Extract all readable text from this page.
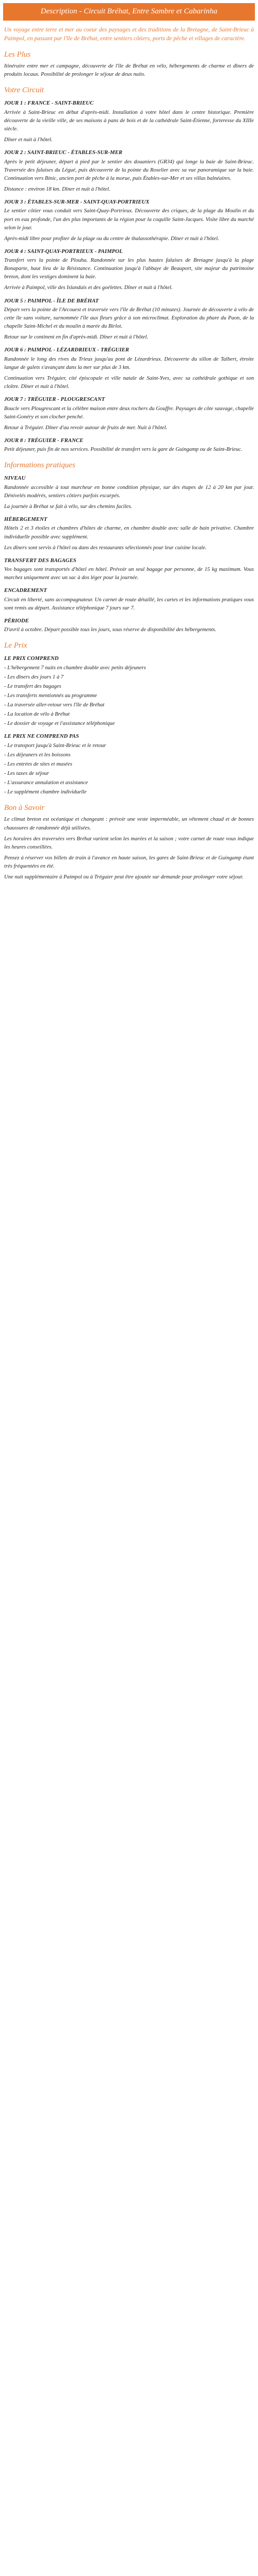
Description - Circuit Bréhat, Entre Sambre et Cabarinha
Un voyage entre terre et mer au coeur des paysages et des traditions de la Bretagne, de Saint-Brieuc à Paimpol, en passant par l'île de Bréhat, entre sentiers côtiers, ports de pêche et villages de caractère.
Les Plus

Itinéraire entre mer et campagne, découverte de l'île de Bréhat en vélo, hébergements de charme et dîners de produits locaux. Possibilité de prolonger le séjour de deux nuits.

Votre Circuit
JOUR 1 : FRANCE - SAINT-BRIEUC

Arrivée à Saint-Brieuc en début d'après-midi. Installation à votre hôtel dans le centre historique. Première découverte de la vieille ville, de ses maisons à pans de bois et de la cathédrale Saint-Étienne, forteresse du XIIIe siècle.

Dîner et nuit à l'hôtel.

JOUR 2 : SAINT-BRIEUC - ÉTABLES-SUR-MER

Après le petit déjeuner, départ à pied par le sentier des douaniers (GR34) qui longe la baie de Saint-Brieuc. Traversée des falaises du Légué, puis découverte de la pointe du Roselier avec sa vue panoramique sur la baie. Continuation vers Binic, ancien port de pêche à la morue, puis Étables-sur-Mer et ses villas balnéaires.

Distance : environ 18 km. Dîner et nuit à l'hôtel.

JOUR 3 : ÉTABLES-SUR-MER - SAINT-QUAY-PORTRIEUX

Le sentier côtier vous conduit vers Saint-Quay-Portrieux. Découverte des criques, de la plage du Moulin et du port en eau profonde, l'un des plus importants de la région pour la coquille Saint-Jacques. Visite libre du marché selon le jour.

Après-midi libre pour profiter de la plage ou du centre de thalassothérapie. Dîner et nuit à l'hôtel.

JOUR 4 : SAINT-QUAY-PORTRIEUX - PAIMPOL

Transfert vers la pointe de Plouha. Randonnée sur les plus hautes falaises de Bretagne jusqu'à la plage Bonaparte, haut lieu de la Résistance. Continuation jusqu'à l'abbaye de Beauport, site majeur du patrimoine breton, dont les vestiges dominent la baie.

Arrivée à Paimpol, ville des Islandais et des goélettes. Dîner et nuit à l'hôtel.

JOUR 5 : PAIMPOL - ÎLE DE BRÉHAT

Départ vers la pointe de l'Arcouest et traversée vers l'île de Bréhat (10 minutes). Journée de découverte à vélo de cette île sans voiture, surnommée l'île aux fleurs grâce à son microclimat. Exploration du phare du Paon, de la chapelle Saint-Michel et du moulin à marée du Birlot.

Retour sur le continent en fin d'après-midi. Dîner et nuit à l'hôtel.

JOUR 6 : PAIMPOL - LÉZARDRIEUX - TRÉGUIER

Randonnée le long des rives du Trieux jusqu'au pont de Lézardrieux. Découverte du sillon de Talbert, étroite langue de galets s'avançant dans la mer sur plus de 3 km.

Continuation vers Tréguier, cité épiscopale et ville natale de Saint-Yves, avec sa cathédrale gothique et son cloître. Dîner et nuit à l'hôtel.

JOUR 7 : TRÉGUIER - PLOUGRESCANT

Boucle vers Plougrescant et la célèbre maison entre deux rochers du Gouffre. Paysages de côte sauvage, chapelle Saint-Gonéry et son clocher penché.

Retour à Tréguier. Dîner d'au revoir autour de fruits de mer. Nuit à l'hôtel.

JOUR 8 : TRÉGUIER - FRANCE

Petit déjeuner, puis fin de nos services. Possibilité de transfert vers la gare de Guingamp ou de Saint-Brieuc.

Informations pratiques
NIVEAU

Randonnée accessible à tout marcheur en bonne condition physique, sur des étapes de 12 à 20 km par jour. Dénivelés modérés, sentiers côtiers parfois escarpés.

La journée à Bréhat se fait à vélo, sur des chemins faciles.

HÉBERGEMENT

Hôtels 2 et 3 étoiles et chambres d'hôtes de charme, en chambre double avec salle de bain privative. Chambre individuelle possible avec supplément.

Les dîners sont servis à l'hôtel ou dans des restaurants sélectionnés pour leur cuisine locale.

TRANSFERT DES BAGAGES

Vos bagages sont transportés d'hôtel en hôtel. Prévoir un seul bagage par personne, de 15 kg maximum. Vous marchez uniquement avec un sac à dos léger pour la journée.

ENCADREMENT

Circuit en liberté, sans accompagnateur. Un carnet de route détaillé, les cartes et les informations pratiques vous sont remis au départ. Assistance téléphonique 7 jours sur 7.

PÉRIODE

D'avril à octobre. Départ possible tous les jours, sous réserve de disponibilité des hébergements.

Le Prix
LE PRIX COMPREND
- L'hébergement 7 nuits en chambre double avec petits déjeuners
- Les dîners des jours 1 à 7
- Le transfert des bagages
- Les transferts mentionnés au programme
- La traversée aller-retour vers l'île de Bréhat
- La location de vélo à Bréhat
- Le dossier de voyage et l'assistance téléphonique
LE PRIX NE COMPREND PAS
- Le transport jusqu'à Saint-Brieuc et le retour
- Les déjeuners et les boissons
- Les entrées de sites et musées
- Les taxes de séjour
- L'assurance annulation et assistance
- Le supplément chambre individuelle
Bon à Savoir

Le climat breton est océanique et changeant : prévoir une veste imperméable, un vêtement chaud et de bonnes chaussures de randonnée déjà utilisées.

Les horaires des traversées vers Bréhat varient selon les marées et la saison ; votre carnet de route vous indique les heures conseillées.

Pensez à réserver vos billets de train à l'avance en haute saison, les gares de Saint-Brieuc et de Guingamp étant très fréquentées en été.

Une nuit supplémentaire à Paimpol ou à Tréguier peut être ajoutée sur demande pour prolonger votre séjour.
